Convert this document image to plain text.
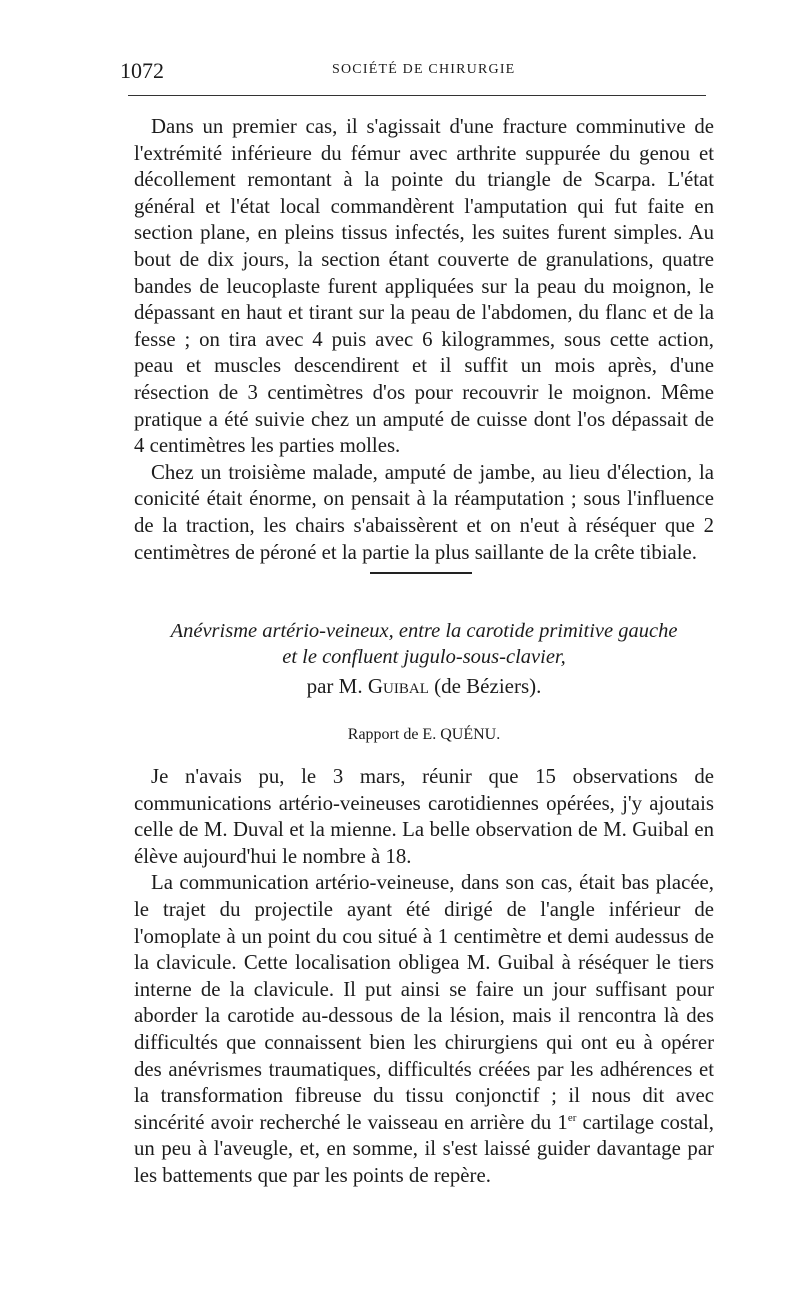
1072	SOCIÉTÉ DE CHIRURGIE

Dans un premier cas, il s'agissait d'une fracture comminutive de l'extrémité inférieure du fémur avec arthrite suppurée du genou et décollement remontant à la pointe du triangle de Scarpa. L'état général et l'état local commandèrent l'amputation qui fut faite en section plane, en pleins tissus infectés, les suites furent simples. Au bout de dix jours, la section étant couverte de granulations, quatre bandes de leucoplaste furent appliquées sur la peau du moignon, le dépassant en haut et tirant sur la peau de l'abdomen, du flanc et de la fesse ; on tira avec 4 puis avec 6 kilogrammes, sous cette action, peau et muscles descendirent et il suffit un mois après, d'une résection de 3 centimètres d'os pour recouvrir le moignon. Même pratique a été suivie chez un amputé de cuisse dont l'os dépassait de 4 centimètres les parties molles.

Chez un troisième malade, amputé de jambe, au lieu d'élection, la conicité était énorme, on pensait à la réamputation ; sous l'influence de la traction, les chairs s'abaissèrent et on n'eut à réséquer que 2 centimètres de péroné et la partie la plus saillante de la crête tibiale.

Anévrisme artério-veineux, entre la carotide primitive gauche
et le confluent jugulo-sous-clavier,
par M. Guibal (de Béziers).
Rapport de E. QUÉNU.

Je n'avais pu, le 3 mars, réunir que 15 observations de communications artério-veineuses carotidiennes opérées, j'y ajoutais celle de M. Duval et la mienne. La belle observation de M. Guibal en élève aujourd'hui le nombre à 18.

La communication artério-veineuse, dans son cas, était bas placée, le trajet du projectile ayant été dirigé de l'angle inférieur de l'omoplate à un point du cou situé à 1 centimètre et demi audessus de la clavicule. Cette localisation obligea M. Guibal à réséquer le tiers interne de la clavicule. Il put ainsi se faire un jour suffisant pour aborder la carotide au-dessous de la lésion, mais il rencontra là des difficultés que connaissent bien les chirurgiens qui ont eu à opérer des anévrismes traumatiques, difficultés créées par les adhérences et la transformation fibreuse du tissu conjonctif ; il nous dit avec sincérité avoir recherché le vaisseau en arrière du 1er cartilage costal, un peu à l'aveugle, et, en somme, il s'est laissé guider davantage par les battements que par les points de repère.
